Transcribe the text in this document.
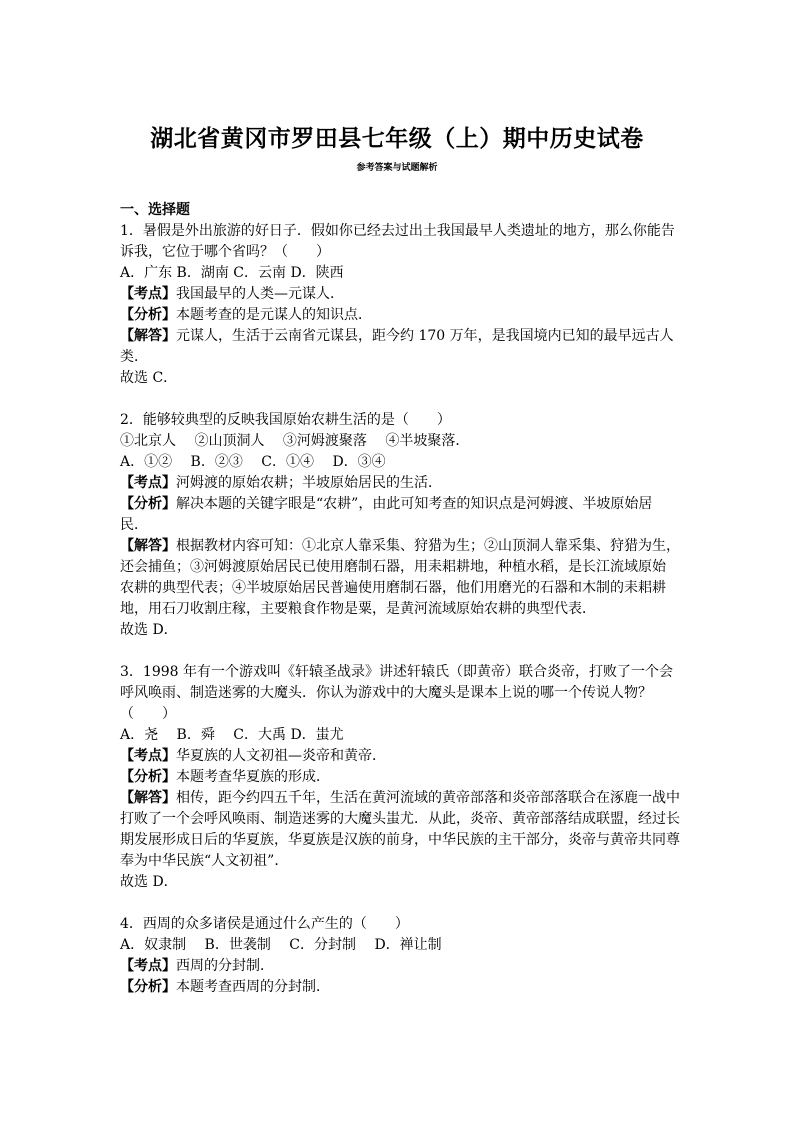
湖北省黄冈市罗田县七年级（上）期中历史试卷
参考答案与试题解析

一、选择题

1．暑假是外出旅游的好日子．假如你已经去过出土我国最早人类遗址的地方，那么你能告

诉我，它位于哪个省吗？（　　）

A．广东 B．湖南 C．云南 D．陕西

【考点】我国最早的人类—元谋人．

【分析】本题考查的是元谋人的知识点．

【解答】元谋人，生活于云南省元谋县，距今约 170 万年，是我国境内已知的最早远古人

类．

故选 C．

2．能够较典型的反映我国原始农耕生活的是（　　）

①北京人　 ②山顶洞人　 ③河姆渡聚落　 ④半坡聚落．

A．①②　 B．②③　 C．①④　 D．③④

【考点】河姆渡的原始农耕；半坡原始居民的生活．

【分析】解决本题的关键字眼是“农耕”，由此可知考查的知识点是河姆渡、半坡原始居

民．

【解答】根据教材内容可知：①北京人靠采集、狩猎为生；②山顶洞人靠采集、狩猎为生，

还会捕鱼；③河姆渡原始居民已使用磨制石器，用耒耜耕地，种植水稻，是长江流域原始

农耕的典型代表；④半坡原始居民普遍使用磨制石器，他们用磨光的石器和木制的耒耜耕

地，用石刀收割庄稼，主要粮食作物是粟，是黄河流域原始农耕的典型代表．

故选 D．

3．1998 年有一个游戏叫《轩辕圣战录》讲述轩辕氏（即黄帝）联合炎帝，打败了一个会

呼风唤雨、制造迷雾的大魔头．你认为游戏中的大魔头是课本上说的哪一个传说人物？

（　　）

A．尧　 B．舜　 C．大禹 D．蚩尤

【考点】华夏族的人文初祖—炎帝和黄帝．

【分析】本题考查华夏族的形成．

【解答】相传，距今约四五千年，生活在黄河流域的黄帝部落和炎帝部落联合在涿鹿一战中

打败了一个会呼风唤雨、制造迷雾的大魔头蚩尤．从此，炎帝、黄帝部落结成联盟，经过长

期发展形成日后的华夏族，华夏族是汉族的前身，中华民族的主干部分，炎帝与黄帝共同尊

奉为中华民族“人文初祖”．

故选 D．

4．西周的众多诸侯是通过什么产生的（　　）

A．奴隶制　 B．世袭制　 C．分封制　 D．禅让制

【考点】西周的分封制．

【分析】本题考查西周的分封制．
